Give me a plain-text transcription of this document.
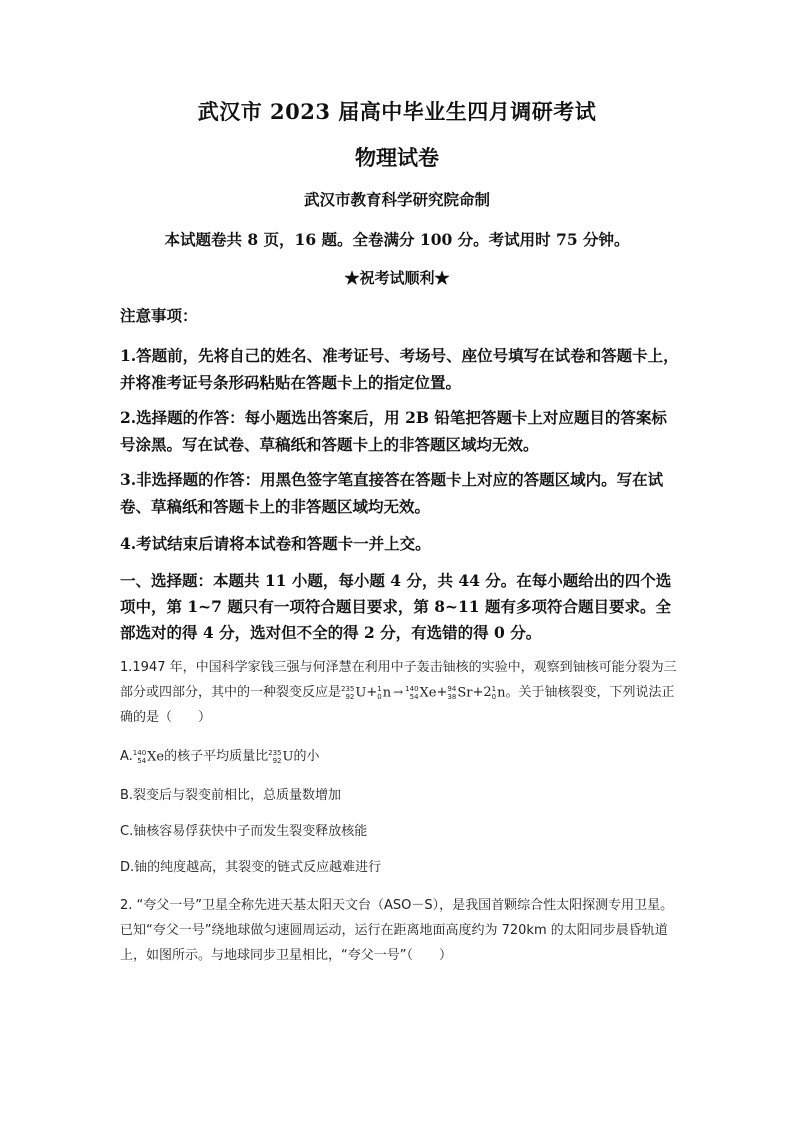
武汉市 2023 届高中毕业生四月调研考试
物理试卷
武汉市教育科学研究院命制
本试题卷共 8 页，16 题。全卷满分 100 分。考试用时 75 分钟。
★祝考试顺利★
注意事项：
1.答题前，先将自己的姓名、准考证号、考场号、座位号填写在试卷和答题卡上，并将准考证号条形码粘贴在答题卡上的指定位置。
2.选择题的作答：每小题选出答案后，用 2B 铅笔把答题卡上对应题目的答案标号涂黑。写在试卷、草稿纸和答题卡上的非答题区域均无效。
3.非选择题的作答：用黑色签字笔直接答在答题卡上对应的答题区域内。写在试卷、草稿纸和答题卡上的非答题区域均无效。
4.考试结束后请将本试卷和答题卡一并上交。
一、选择题：本题共 11 小题，每小题 4 分，共 44 分。在每小题给出的四个选项中，第 1~7 题只有一项符合题目要求，第 8~11 题有多项符合题目要求。全部选对的得 4 分，选对但不全的得 2 分，有选错的得 0 分。
1.1947 年，中国科学家钱三强与何泽慧在利用中子轰击铀核的实验中，观察到铀核可能分裂为三部分或四部分，其中的一种裂变反应是 235
92 U+ 1
0 n → 140
54 Xe+ 94
38 Sr+2 1
0 n。关于铀核裂变，下列说法正确的是（　　）
A. 140
54 Xe的核子平均质量比 235
92 U的小
B.裂变后与裂变前相比，总质量数增加
C.铀核容易俘获快中子而发生裂变释放核能
D.铀的纯度越高，其裂变的链式反应越难进行
2. “夸父一号”卫星全称先进天基太阳天文台（ASO－S），是我国首颗综合性太阳探测专用卫星。已知“夸父一号”绕地球做匀速圆周运动，运行在距离地面高度约为 720km 的太阳同步晨昏轨道上，如图所示。与地球同步卫星相比，“夸父一号”（　　）
